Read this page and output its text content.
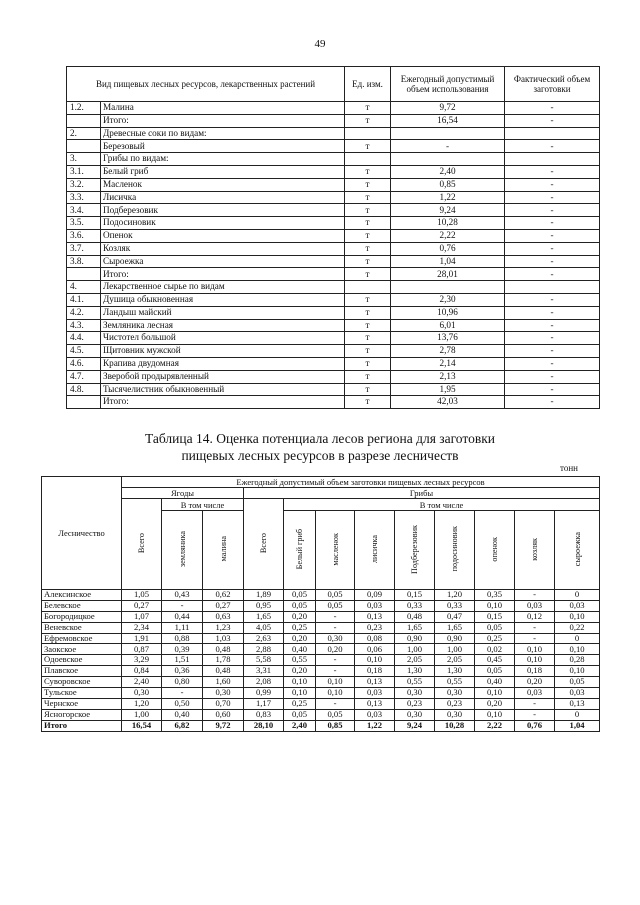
49
Вид пищевых лесных ресурсов, лекарственных растений		Ед. изм.	Ежегодный допустимый объем использования	Фактический объем заготовки
1.2.	Малина	т	9,72	-
	Итого:	т	16,54	-
2.	Древесные соки по видам:			
	Березовый	т	-	-
3.	Грибы по видам:			
3.1.	Белый гриб	т	2,40	-
3.2.	Масленок	т	0,85	-
3.3.	Лисичка	т	1,22	-
3.4.	Подберезовик	т	9,24	-
3.5.	Подосиновик	т	10,28	-
3.6.	Опенок	т	2,22	-
3.7.	Козляк	т	0,76	-
3.8.	Сыроежка	т	1,04	-
	Итого:	т	28,01	-
4.	Лекарственное сырье по видам			
4.1.	Душица обыкновенная	т	2,30	-
4.2.	Ландыш майский	т	10,96	-
4.3.	Земляника лесная	т	6,01	-
4.4.	Чистотел большой	т	13,76	-
4.5.	Щитовник мужской	т	2,78	-
4.6.	Крапива двудомная	т	2,14	-
4.7.	Зверобой продырявленный	т	2,13	-
4.8.	Тысячелистник обыкновенный	т	1,95	-
	Итого:	т	42,03	-
Таблица 14. Оценка потенциала лесов региона для заготовки
пищевых лесных ресурсов в разрезе лесничеств
тонн
Лесничество	Ежегодный допустимый объем заготовки пищевых лесных ресурсов											
	Ягоды			Грибы								
	Всего	В том числе		Всего	В том числе							
		земляника	малина		Белый гриб	масленок	лисичка	Подберезовик	подосиновик	опенок	козляк	сыроежка
Алексинское	1,05	0,43	0,62	1,89	0,05	0,05	0,09	0,15	1,20	0,35	-	0
Белевское	0,27	-	0,27	0,95	0,05	0,05	0,03	0,33	0,33	0,10	0,03	0,03
Богородицкое	1,07	0,44	0,63	1,65	0,20	-	0,13	0,48	0,47	0,15	0,12	0,10
Веневское	2,34	1,11	1,23	4,05	0,25	-	0,23	1,65	1,65	0,05	-	0,22
Ефремовское	1,91	0,88	1,03	2,63	0,20	0,30	0,08	0,90	0,90	0,25	-	0
Заокское	0,87	0,39	0,48	2,88	0,40	0,20	0,06	1,00	1,00	0,02	0,10	0,10
Одоевское	3,29	1,51	1,78	5,58	0,55	-	0,10	2,05	2,05	0,45	0,10	0,28
Плавское	0,84	0,36	0,48	3,31	0,20	-	0,18	1,30	1,30	0,05	0,18	0,10
Суворовское	2,40	0,80	1,60	2,08	0,10	0,10	0,13	0,55	0,55	0,40	0,20	0,05
Тульское	0,30	-	0,30	0,99	0,10	0,10	0,03	0,30	0,30	0,10	0,03	0,03
Чернское	1,20	0,50	0,70	1,17	0,25	-	0,13	0,23	0,23	0,20	-	0,13
Ясногорское	1,00	0,40	0,60	0,83	0,05	0,05	0,03	0,30	0,30	0,10	-	0
Итого	16,54	6,82	9,72	28,10	2,40	0,85	1,22	9,24	10,28	2,22	0,76	1,04
